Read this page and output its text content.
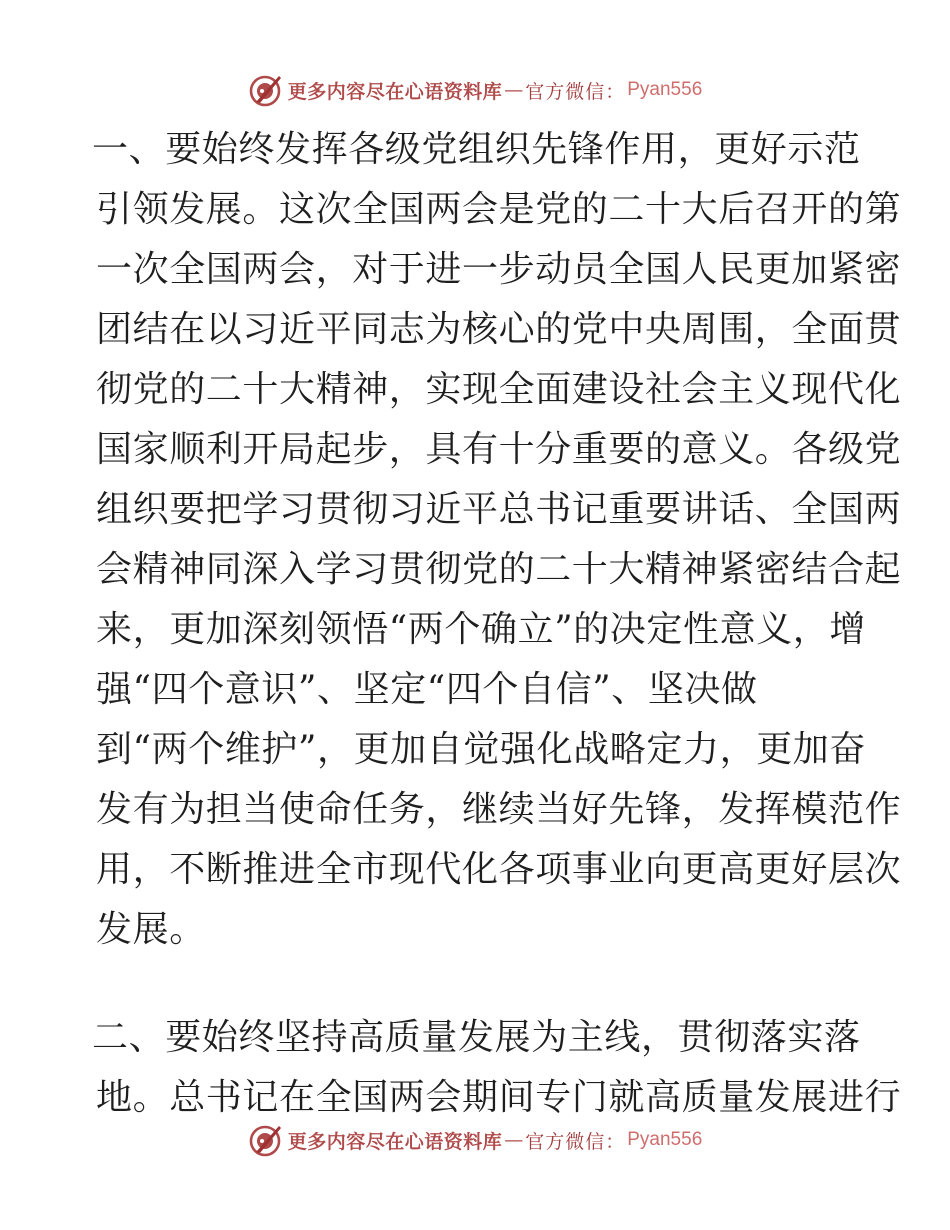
更多内容尽在心语资料库 — 官方微信： Pyan556
一、要始终发挥各级党组织先锋作用，更好示范
引领发展。这次全国两会是党的二十大后召开的第
一次全国两会，对于进一步动员全国人民更加紧密
团结在以习近平同志为核心的党中央周围，全面贯
彻党的二十大精神，实现全面建设社会主义现代化
国家顺利开局起步，具有十分重要的意义。各级党
组织要把学习贯彻习近平总书记重要讲话、全国两
会精神同深入学习贯彻党的二十大精神紧密结合起
来，更加深刻领悟“两个确立”的决定性意义，增
强“四个意识”、坚定“四个自信”、坚决做
到“两个维护”，更加自觉强化战略定力，更加奋
发有为担当使命任务，继续当好先锋，发挥模范作
用，不断推进全市现代化各项事业向更高更好层次
发展。
二、要始终坚持高质量发展为主线，贯彻落实落
地。总书记在全国两会期间专门就高质量发展进行
更多内容尽在心语资料库 — 官方微信： Pyan556
